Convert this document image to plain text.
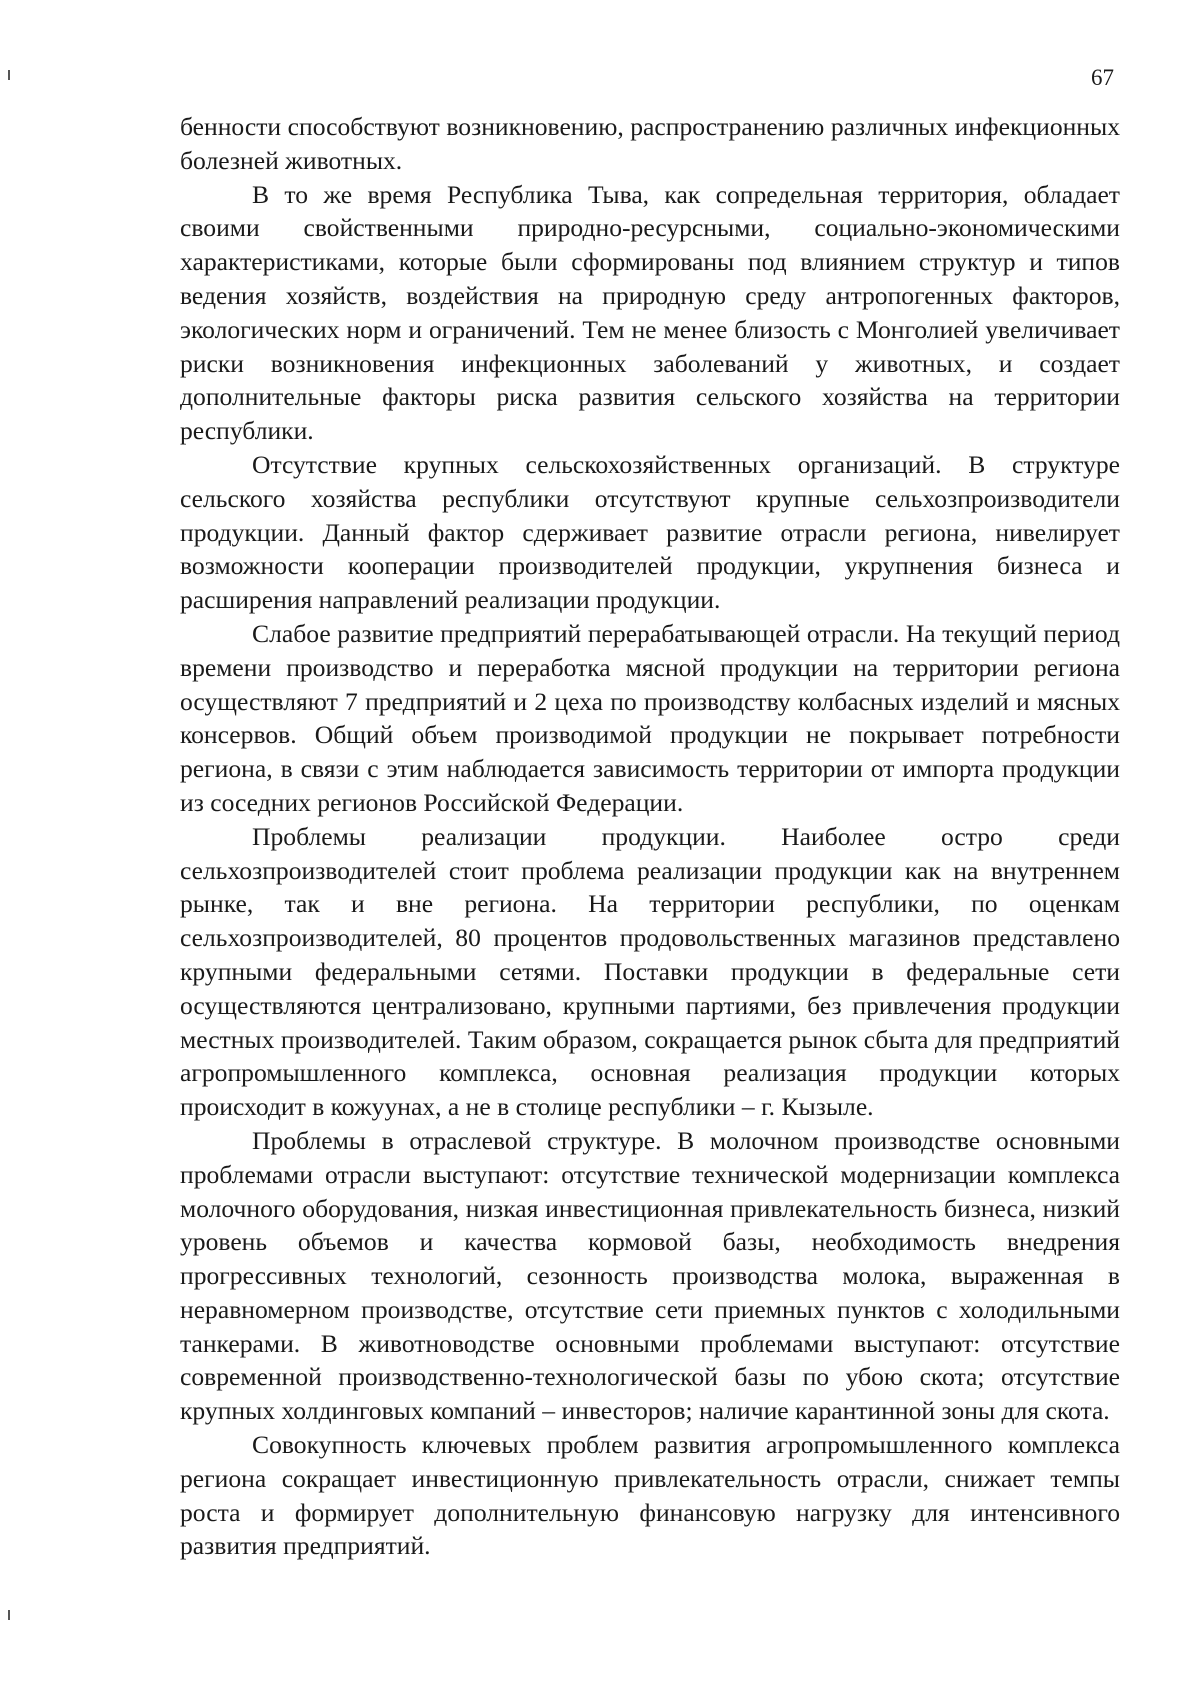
67

бенности способствуют возникновению, распространению различных инфекционных болезней животных.

В то же время Республика Тыва, как сопредельная территория, обладает своими свойственными природно-ресурсными, социально-экономическими характеристиками, которые были сформированы под влиянием структур и типов ведения хозяйств, воздействия на природную среду антропогенных факторов, экологических норм и ограничений. Тем не менее близость с Монголией увеличивает риски возникновения инфекционных заболеваний у животных, и создает дополнительные факторы риска развития сельского хозяйства на территории республики.

Отсутствие крупных сельскохозяйственных организаций. В структуре сельского хозяйства республики отсутствуют крупные сельхозпроизводители продукции. Данный фактор сдерживает развитие отрасли региона, нивелирует возможности кооперации производителей продукции, укрупнения бизнеса и расширения направлений реализации продукции.

Слабое развитие предприятий перерабатывающей отрасли. На текущий период времени производство и переработка мясной продукции на территории региона осуществляют 7 предприятий и 2 цеха по производству колбасных изделий и мясных консервов. Общий объем производимой продукции не покрывает потребности региона, в связи с этим наблюдается зависимость территории от импорта продукции из соседних регионов Российской Федерации.

Проблемы реализации продукции. Наиболее остро среди сельхозпроизводителей стоит проблема реализации продукции как на внутреннем рынке, так и вне региона. На территории республики, по оценкам сельхозпроизводителей, 80 процентов продовольственных магазинов представлено крупными федеральными сетями. Поставки продукции в федеральные сети осуществляются централизовано, крупными партиями, без привлечения продукции местных производителей. Таким образом, сокращается рынок сбыта для предприятий агропромышленного комплекса, основная реализация продукции которых происходит в кожуунах, а не в столице республики – г. Кызыле.

Проблемы в отраслевой структуре. В молочном производстве основными проблемами отрасли выступают: отсутствие технической модернизации комплекса молочного оборудования, низкая инвестиционная привлекательность бизнеса, низкий уровень объемов и качества кормовой базы, необходимость внедрения прогрессивных технологий, сезонность производства молока, выраженная в неравномерном производстве, отсутствие сети приемных пунктов с холодильными танкерами. В животноводстве основными проблемами выступают: отсутствие современной производственно-технологической базы по убою скота; отсутствие крупных холдинговых компаний – инвесторов; наличие карантинной зоны для скота.

Совокупность ключевых проблем развития агропромышленного комплекса региона сокращает инвестиционную привлекательность отрасли, снижает темпы роста и формирует дополнительную финансовую нагрузку для интенсивного развития предприятий.
